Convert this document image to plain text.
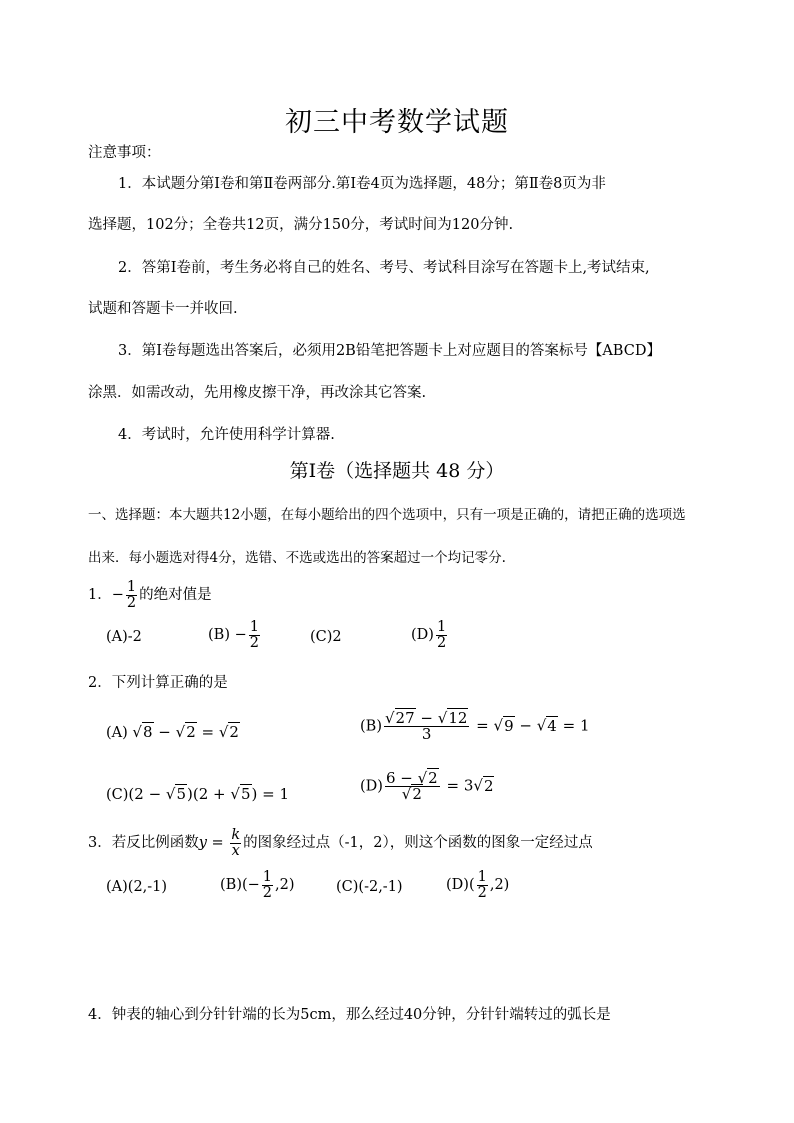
初三中考数学试题
注意事项：
1．本试题分第Ⅰ卷和第Ⅱ卷两部分.第Ⅰ卷4页为选择题，48分；第Ⅱ卷8页为非
选择题，102分；全卷共12页，满分150分，考试时间为120分钟.
2．答第Ⅰ卷前，考生务必将自己的姓名、考号、考试科目涂写在答题卡上,考试结束,
试题和答题卡一并收回.
3．第Ⅰ卷每题选出答案后，必须用2B铅笔把答题卡上对应题目的答案标号【ABCD】
涂黑．如需改动，先用橡皮擦干净，再改涂其它答案.
4．考试时，允许使用科学计算器.
第Ⅰ卷（选择题共 48 分）
一、选择题：本大题共12小题，在每小题给出的四个选项中，只有一项是正确的，请把正确的选项选
出来．每小题选对得4分，选错、不选或选出的答案超过一个均记零分.
1．− $\frac{1}{2}$ 的绝对值是
(A)-2	$(B) - \frac{1}{2}$	(C)2	$(D) \frac{1}{2}$
2．下列计算正确的是
(A) √8 − √2 = √2	$(B) \frac{√27 - √12}{3} = √9 - √4 = 1$
(C)(2 − √5)(2 + √5) = 1	$(D) \frac{6 - √2}{√2} = 3√2$
3．若反比例函数$y = \frac{k}{x}$ 的图象经过点（-1，2），则这个函数的图象一定经过点
(A)(2,-1)	$(B)(- \frac{1}{2} ,2)$	(C)(-2,-1)	$(D)( \frac{1}{2} ,2)$
4．钟表的轴心到分针针端的长为5cm，那么经过40分钟，分针针端转过的弧长是
